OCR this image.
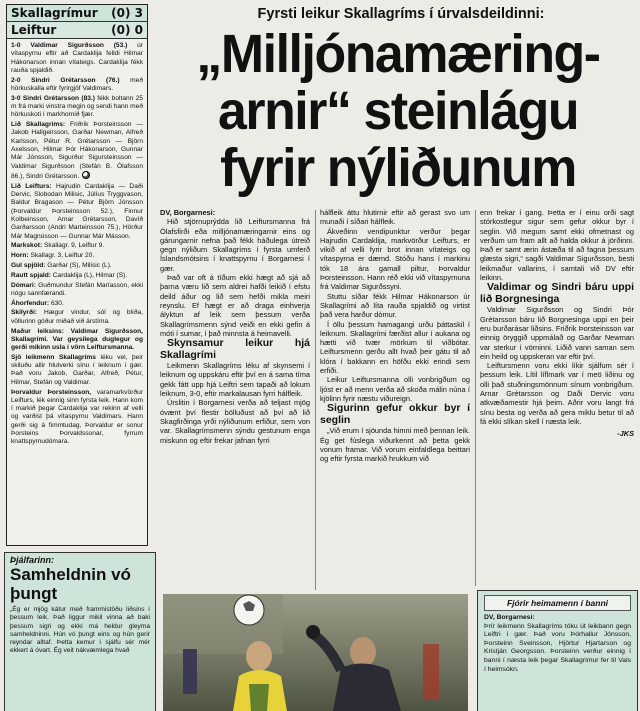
Skallagrímur (0) 3
Leiftur	(0) 0

1-0 Valdimar Sigurðsson (53.) úr vítaspyrnu eftir að Cardaklija felldi Hilmar Hákonarson innan vítateigs. Cardaklija fékk rauða spjaldið.

2-0 Sindri Grétarsson (76.) með hörkuskalla eftir fyrirgjöf Valdimars.

3-0 Sindri Grétarsson (83.) fékk boltann 25 m frá marki vinstra megin og sendi hann með hörkuskoti í markhornið fjær.

Lið Skallagríms: Friðrik Þorsteinsson — Jakob Hallgeirsson, Garðar Newman, Alfreð Karlsson, Pétur R. Grétarsson — Björn Axelsson, Hilmar Þór Hákonarson, Gunnar Már Jónsson, Sigurður Sigursteinsson — Valdimar Sigurðsson (Stefán B. Ólafsson 86.), Sindri Grétarsson.

Lið Leifturs: Hajrudin Cardaklija — Daði Dervic, Slobodan Milisic, Júlíus Tryggvason, Baldur Bragason — Pétur Björn Jónsson (Þorvaldur Þorsteinsson 52.), Finnur Kolbeinsson, Arnar Grétarsson, Davíð Garðarsson (Andri Marteinsson 75.), Hörður Már Magnússon — Gunnar Már Másson.

Markskot: Skallagr. 9, Leiftur 9.

Horn: Skallagr. 3, Leiftur 20.

Gul spjöld: Garðar (S), Milisic (L).

Rautt spjald: Cardaklija (L), Hilmar (S).

Dómari: Guðmundur Stefán Maríasson, ekki nógu sannfærandi.

Áhorfendur: 630.

Skilyrði: Hægur vindur, sól og blíða, völlurinn góður miðað við árstíma.

Maður leiksins: Valdimar Sigurðsson, Skallagrími. Var geysilega duglegur og gerði mikinn usla í vörn Leiftursmanna.

Sjö leikmenn Skallagríms léku vel, þeir skiluðu allir hlutverki sínu í leiknum í gær. Það voru Jakob, Garðar, Alfreð, Pétur, Hilmar, Stefán og Valdimar.

Þorvaldur Þorsteinsson, varamarkvörður Leifturs, lék einnig sinn fyrsta leik. Hann kom í markið þegar Cardaklija var rekinn af velli og varðist þá vítaspyrnu Valdimars. Hann gerði sig á fimmtudag, Þorvaldur er sonur Þorsteins Þorvaldssonar, fyrrum knattspyrnudómara.

Þjálfarinn:
Samheldnin vó þungt

„Ég er mjög kátur með frammistöðu liðsins í þessum leik. Það liggur mikil vinna að baki þessum sigri og ekki má heldur gleyma samheldninni. Hún vó þungt eins og hún gerir reyndar alltaf. Þetta kemur í sjálfu sér mér ekkert á óvart. Ég veit nákvæmlega hvað

Fyrsti leikur Skallagríms í úrvalsdeildinni:
„Milljónamæring-
arnir“ steinlágu
fyrir nýliðunum

DV, Borgarnesi:

Hið stjörnuprýdda lið Leiftursmanna frá Ólafsfirði eða milljónamæringarnir eins og gárungarnir nefna það fékk háðulega útreið gegn nýliðum Skallagríms í fyrsta umferð Íslandsmótsins í knattspyrnu í Borgarnesi í gær.

Það var oft á tíðum ekki hægt að sjá að þarna væru lið sem aldrei hafði leikið í efstu deild áður og lið sem hefði mikla meiri reynslu. Ef hægt er að draga einhverja ályktun af leik sem þessum verða Skallagrímsmenn sýnd veiði en ekki gefin á móti í sumar, í það minnsta á heimavelli.

Skynsamur leikur hjá Skallagrími

Leikmenn Skallagríms léku af skynsemi í leiknum og uppskáru eftir því en á sama tíma gekk fátt upp hjá Leiftri sem tapaði að lokum leiknum, 3-0, eftir markalausan fyrri hálfleik.

Úrslitin í Borgarnesi verða að teljast mjög óvænt því flestir bölluðust að því að lið Skagfirðinga yrði nýliðunum erfiður, sem von var. Skallagrímsmenn sýndu gestunum enga miskunn og eftir frekar jafnan fyrri

hálfleik áttu hlutirnir eftir að gerast svo um munaði í síðari hálfleik.

Ákveðinn vendipunktur verður þegar Hajrudin Cardaklija, markvörður Leifturs, er vikið af velli fyrir brot innan vítateigs og vítaspyrna er dæmd. Stóðu hans í markinu tók 18 ára gamall piltur, Þorvaldur Þorsteinsson. Hann réð ekki við vítaspyrnuna frá Valdimar Sigurðssyni.

Stuttu síðar fékk Hilmar Hákonarson úr Skallagrími að líta rauða spjaldið og virtist það vera harður dómur.

Í öllu þessum hamagangi urðu þáttaskil í leiknum. Skallagrími færðist allur í aukana og hætti við tvær mörkum til viðbótar. Leiftursmenn gerðu allt hvað þeir gátu til að klóra í bakkann en höfðu ekki erindi sem erfiði.

Leikur Leiftursmanna olli vonbrigðum og ljóst er að menn verða að skoða málin núna í kjölinn fyrir næstu viðureign.

Sigurinn gefur okkur byr í seglin

„Við erum í sjöunda himni með þennan leik. Ég get fúslega viðurkennt að þetta gekk vonum framar. Við vorum einfaldlega beittari og eftir fyrsta markið hrukkum við

enn frekar í gang. Þetta er í einu orði sagt stórkostlegur sigur sem gefur okkur byr í seglin. Við megum samt ekki ofmetnast og verðum um fram allt að halda okkur á jörðinni. Það er samt ærin ástæða til að fagna þessum glæsta sigri,“ sagði Valdimar Sigurðsson, besti leikmaður vallarins, í samtali við DV eftir leikinn.

Valdimar og Sindri báru uppi lið Borgnesinga

Valdimar Sigurðsson og Sindri Þór Grétarsson báru lið Borgnesinga uppi en þeir eru burðarásar liðsins. Friðrik Þorsteinsson var einnig öryggið uppmálað og Garðar Newman var sterkur í vörninni. Liðið vann saman sem ein heild og uppskeran var eftir því.

Leiftursmenn voru ekki líkir sjálfum sér í þessum leik. Lítil líflmark var í meö liðinu og olli það stuðningsmönnum sínum vonbrigðum. Arnar Grétarsson og Daði Dervic voru atkvæðamestir hjá þeim. Aðrir voru langt frá sínu besta og verða að gera miklu betur til að fá ekki slíkan skell í næsta leik.

-JKS
Fjórir heimamenn í banni

DV, Borgarnesi:

Þrír leikmenn Skallagríms tóku út leikbann gegn Leiftri í gær. Það voru Þórhallur Jónsson, Þorsteinn Sveinsson, Hjörtur Hjartarson og Kristján Georgsson. Þorsteinn verður einnig í banni í næsta leik þegar Skallagrímur fer til Vals í heimsókn.
